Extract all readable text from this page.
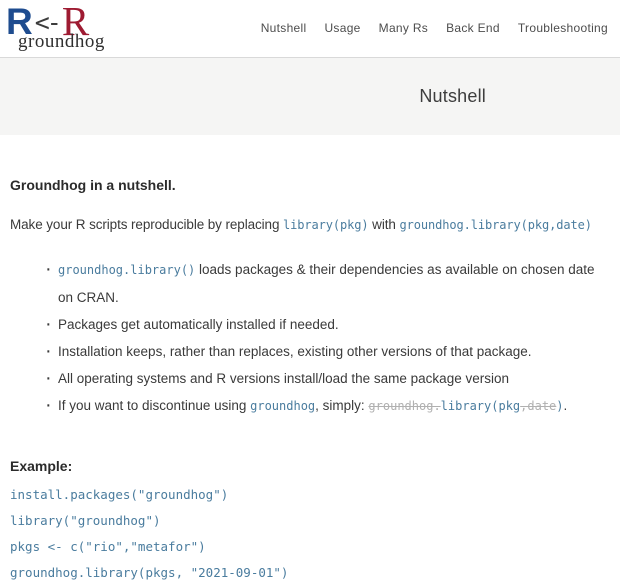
R <- R
groundhog
Nutshell Usage Many Rs Back End Troubleshooting
Nutshell

Groundhog in a nutshell.

Make your R scripts reproducible by replacing library(pkg) with groundhog.library(pkg,date)

· groundhog.library() loads packages & their dependencies as available on chosen date on CRAN.
· Packages get automatically installed if needed.
· Installation keeps, rather than replaces, existing other versions of that package.
· All operating systems and R versions install/load the same package version
· If you want to discontinue using groundhog, simply: groundhog.library(pkg,date).

Example:

install.packages("groundhog")

library("groundhog")

pkgs <- c("rio","metafor")

groundhog.library(pkgs, "2021-09-01")
